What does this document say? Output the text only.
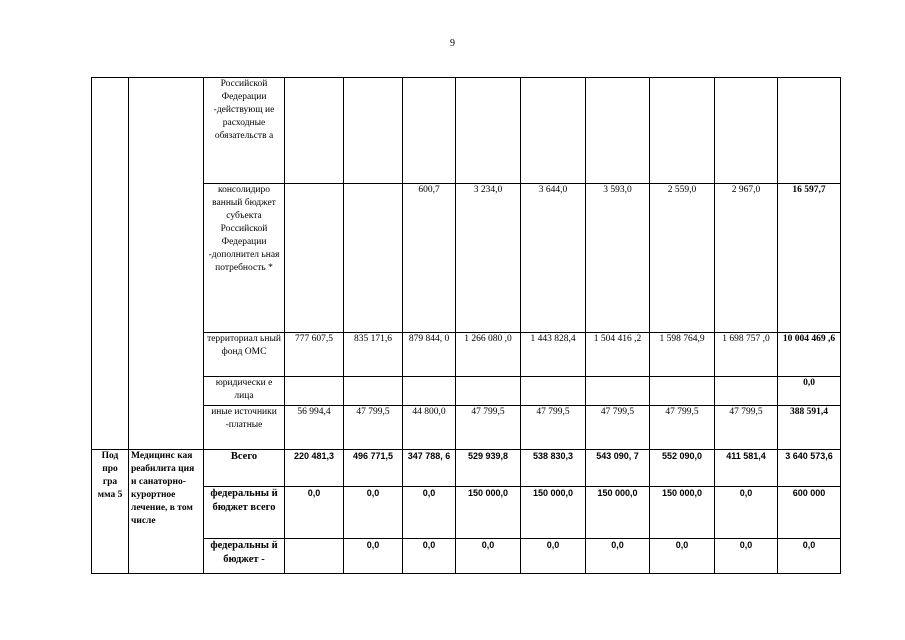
9
		Российской Федерации -действующ ие расходные обязательств а									
		консолидиро ванный бюджет субъекта Российской Федерации -дополнител ьная потребность *			600,7	3 234,0	3 644,0	3 593,0	2 559,0	2 967,0	16 597,7
		территориал ьный фонд ОМС	777 607,5	835 171,6	879 844, 0	1 266 080 ,0	1 443 828,4	1 504 416 ,2	1 598 764,9	1 698 757 ,0	10 004 469 ,6
		юридически е лица									0,0
		иные источники -платные	56 994,4	47 799,5	44 800,0	47 799,5	47 799,5	47 799,5	47 799,5	47 799,5	388 591,4
Под про гра мма 5	Медицинс кая реабилита ция и санаторно- курортное лечение, в том числе	Всего	220 481,3	496 771,5	347 788, 6	529 939,8	538 830,3	543 090, 7	552 090,0	411 581,4	3 640 573,6
		федеральны й бюджет всего	0,0	0,0	0,0	150 000,0	150 000,0	150 000,0	150 000,0	0,0	600 000
		федеральны й бюджет -		0,0	0,0	0,0	0,0	0,0	0,0	0,0	0,0
